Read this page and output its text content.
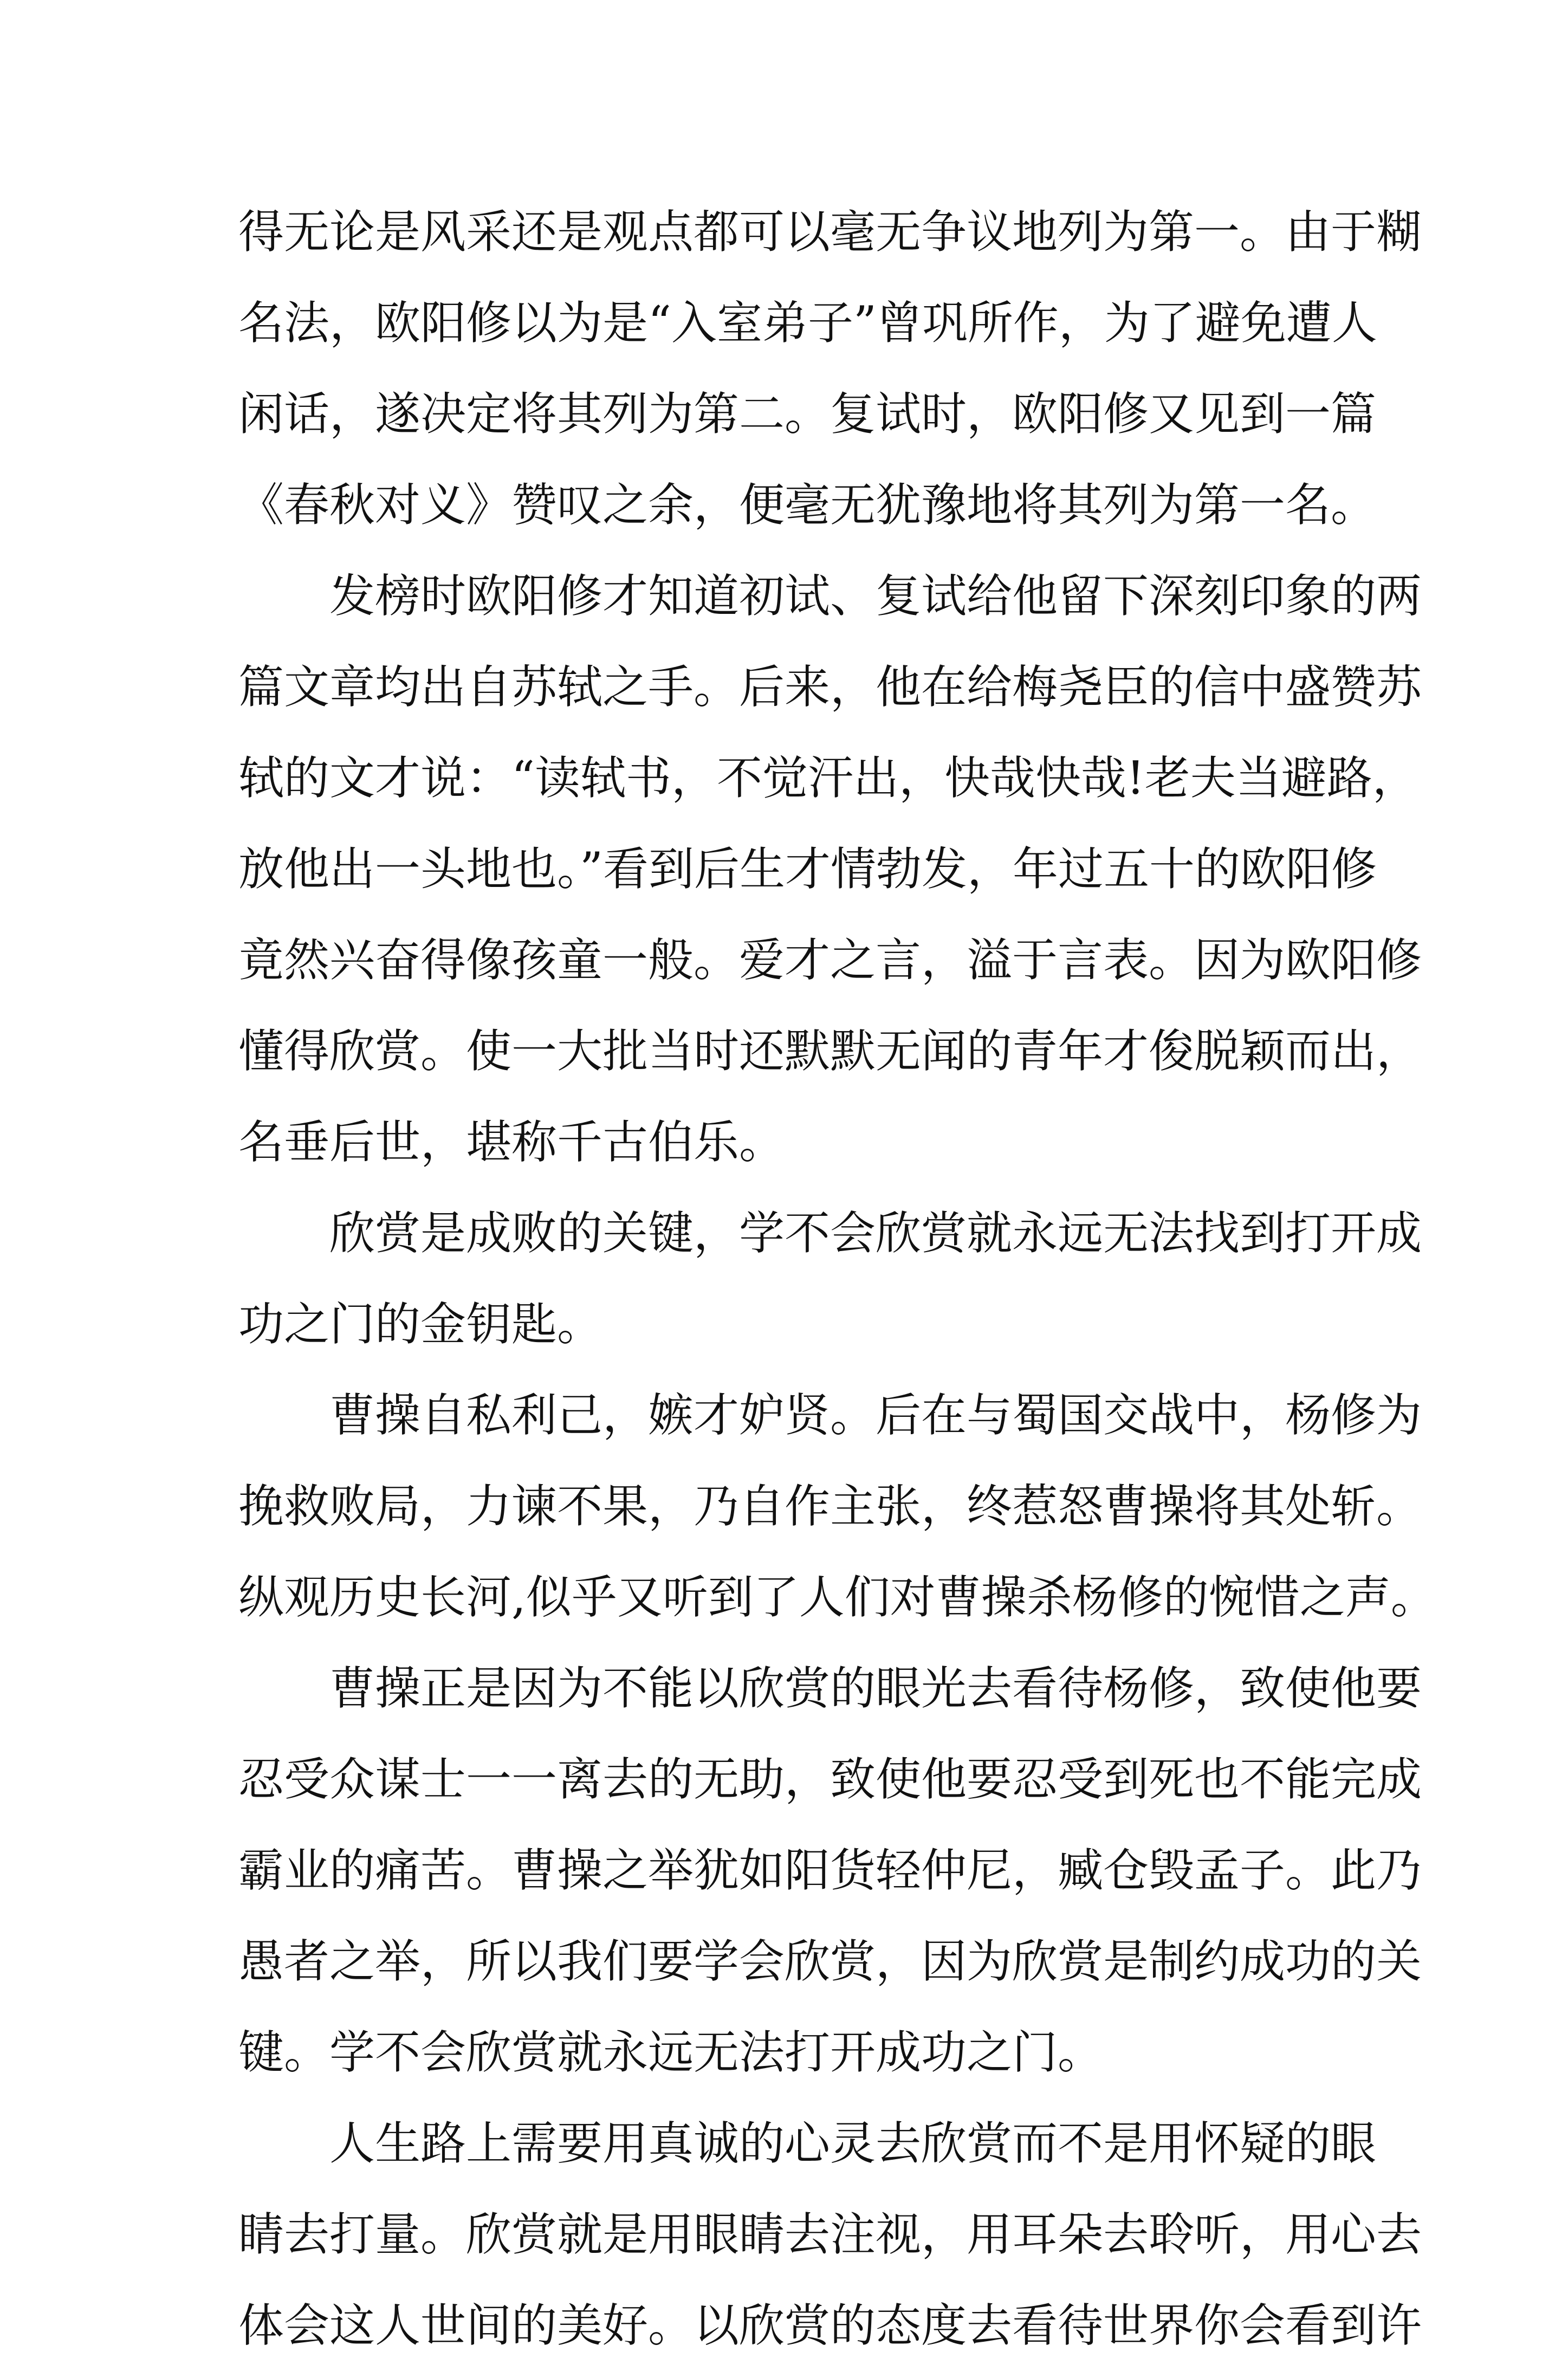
得无论是风采还是观点都可以毫无争议地列为第一。由于糊
名法，欧阳修以为是“入室弟子”曾巩所作，为了避免遭人
闲话，遂决定将其列为第二。复试时，欧阳修又见到一篇
《春秋对义》赞叹之余，便毫无犹豫地将其列为第一名。
发榜时欧阳修才知道初试、复试给他留下深刻印象的两
篇文章均出自苏轼之手。后来，他在给梅尧臣的信中盛赞苏
轼的文才说：“读轼书，不觉汗出，快哉快哉!老夫当避路，
放他出一头地也。”看到后生才情勃发，年过五十的欧阳修
竟然兴奋得像孩童一般。爱才之言，溢于言表。因为欧阳修
懂得欣赏。使一大批当时还默默无闻的青年才俊脱颖而出，
名垂后世，堪称千古伯乐。
欣赏是成败的关键，学不会欣赏就永远无法找到打开成
功之门的金钥匙。
曹操自私利己，嫉才妒贤。后在与蜀国交战中，杨修为
挽救败局，力谏不果，乃自作主张，终惹怒曹操将其处斩。
纵观历史长河,似乎又听到了人们对曹操杀杨修的惋惜之声。
曹操正是因为不能以欣赏的眼光去看待杨修，致使他要
忍受众谋士一一离去的无助，致使他要忍受到死也不能完成
霸业的痛苦。曹操之举犹如阳货轻仲尼，臧仓毁孟子。此乃
愚者之举，所以我们要学会欣赏，因为欣赏是制约成功的关
键。学不会欣赏就永远无法打开成功之门。
人生路上需要用真诚的心灵去欣赏而不是用怀疑的眼
睛去打量。欣赏就是用眼睛去注视，用耳朵去聆听，用心去
体会这人世间的美好。以欣赏的态度去看待世界你会看到许
